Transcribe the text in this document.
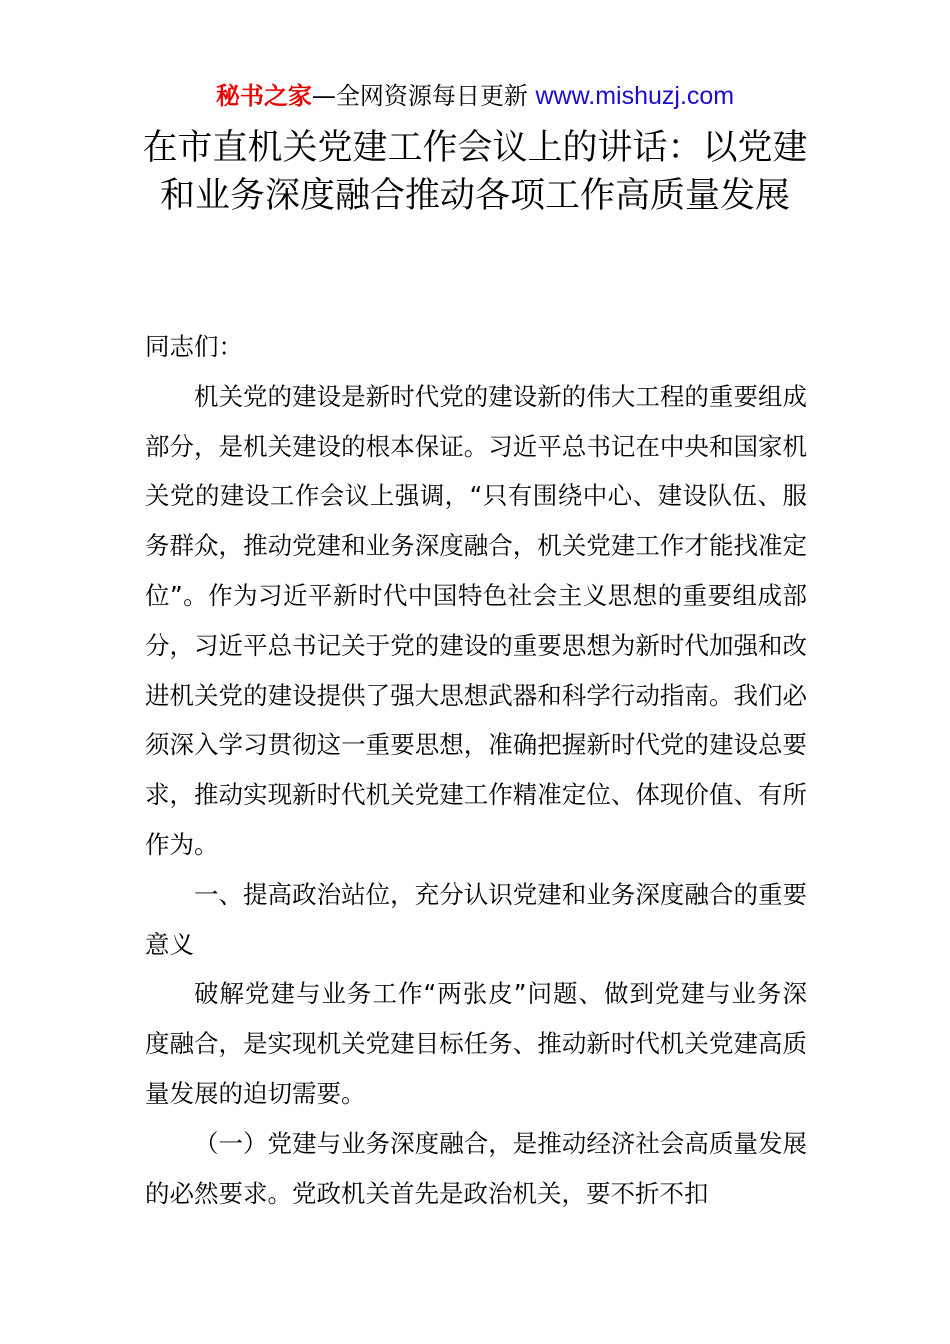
秘书之家—全网资源每日更新 www.mishuzj.com
在市直机关党建工作会议上的讲话：以党建和业务深度融合推动各项工作高质量发展

同志们：

机关党的建设是新时代党的建设新的伟大工程的重要组成部分，是机关建设的根本保证。习近平总书记在中央和国家机关党的建设工作会议上强调，“只有围绕中心、建设队伍、服务群众，推动党建和业务深度融合，机关党建工作才能找准定位”。作为习近平新时代中国特色社会主义思想的重要组成部分，习近平总书记关于党的建设的重要思想为新时代加强和改进机关党的建设提供了强大思想武器和科学行动指南。我们必须深入学习贯彻这一重要思想，准确把握新时代党的建设总要求，推动实现新时代机关党建工作精准定位、体现价值、有所作为。

一、提高政治站位，充分认识党建和业务深度融合的重要意义

破解党建与业务工作“两张皮”问题、做到党建与业务深度融合，是实现机关党建目标任务、推动新时代机关党建高质量发展的迫切需要。

（一）党建与业务深度融合，是推动经济社会高质量发展的必然要求。党政机关首先是政治机关，要不折不扣
